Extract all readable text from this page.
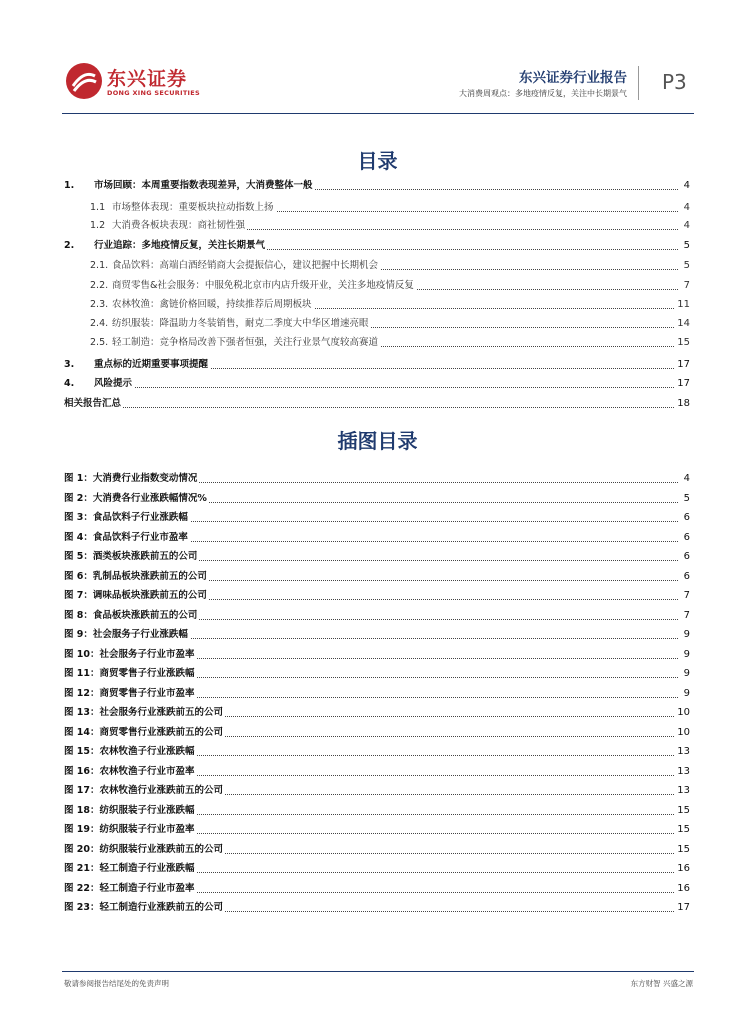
东兴证券
DONG XING SECURITIES
东兴证券行业报告
大消费周观点：多地疫情反复，关注中长期景气 P3
目录
1. 市场回顾：本周重要指数表现差异，大消费整体一般	4
1.1 市场整体表现：重要板块拉动指数上扬	4
1.2 大消费各板块表现：商社韧性强	4
2. 行业追踪：多地疫情反复，关注长期景气	5
2.1. 食品饮料：高端白酒经销商大会提振信心，建议把握中长期机会	5
2.2. 商贸零售&社会服务：中服免税北京市内店升级开业，关注多地疫情反复	7
2.3. 农林牧渔：禽链价格回暖，持续推荐后周期板块	11
2.4. 纺织服装：降温助力冬装销售，耐克二季度大中华区增速亮眼	14
2.5. 轻工制造：竞争格局改善下强者恒强，关注行业景气度较高赛道	15
3. 重点标的近期重要事项提醒	17
4. 风险提示	17
相关报告汇总	18
插图目录
图 1：大消费行业指数变动情况	4
图 2：大消费各行业涨跌幅情况%	5
图 3：食品饮料子行业涨跌幅	6
图 4：食品饮料子行业市盈率	6
图 5：酒类板块涨跌前五的公司	6
图 6：乳制品板块涨跌前五的公司	6
图 7：调味品板块涨跌前五的公司	7
图 8：食品板块涨跌前五的公司	7
图 9：社会服务子行业涨跌幅	9
图 10：社会服务子行业市盈率	9
图 11：商贸零售子行业涨跌幅	9
图 12：商贸零售子行业市盈率	9
图 13：社会服务行业涨跌前五的公司	10
图 14：商贸零售行业涨跌前五的公司	10
图 15：农林牧渔子行业涨跌幅	13
图 16：农林牧渔子行业市盈率	13
图 17：农林牧渔行业涨跌前五的公司	13
图 18：纺织服装子行业涨跌幅	15
图 19：纺织服装子行业市盈率	15
图 20：纺织服装行业涨跌前五的公司	15
图 21：轻工制造子行业涨跌幅	16
图 22：轻工制造子行业市盈率	16
图 23：轻工制造行业涨跌前五的公司	17
敬请参阅报告结尾处的免责声明	东方财智 兴盛之源
